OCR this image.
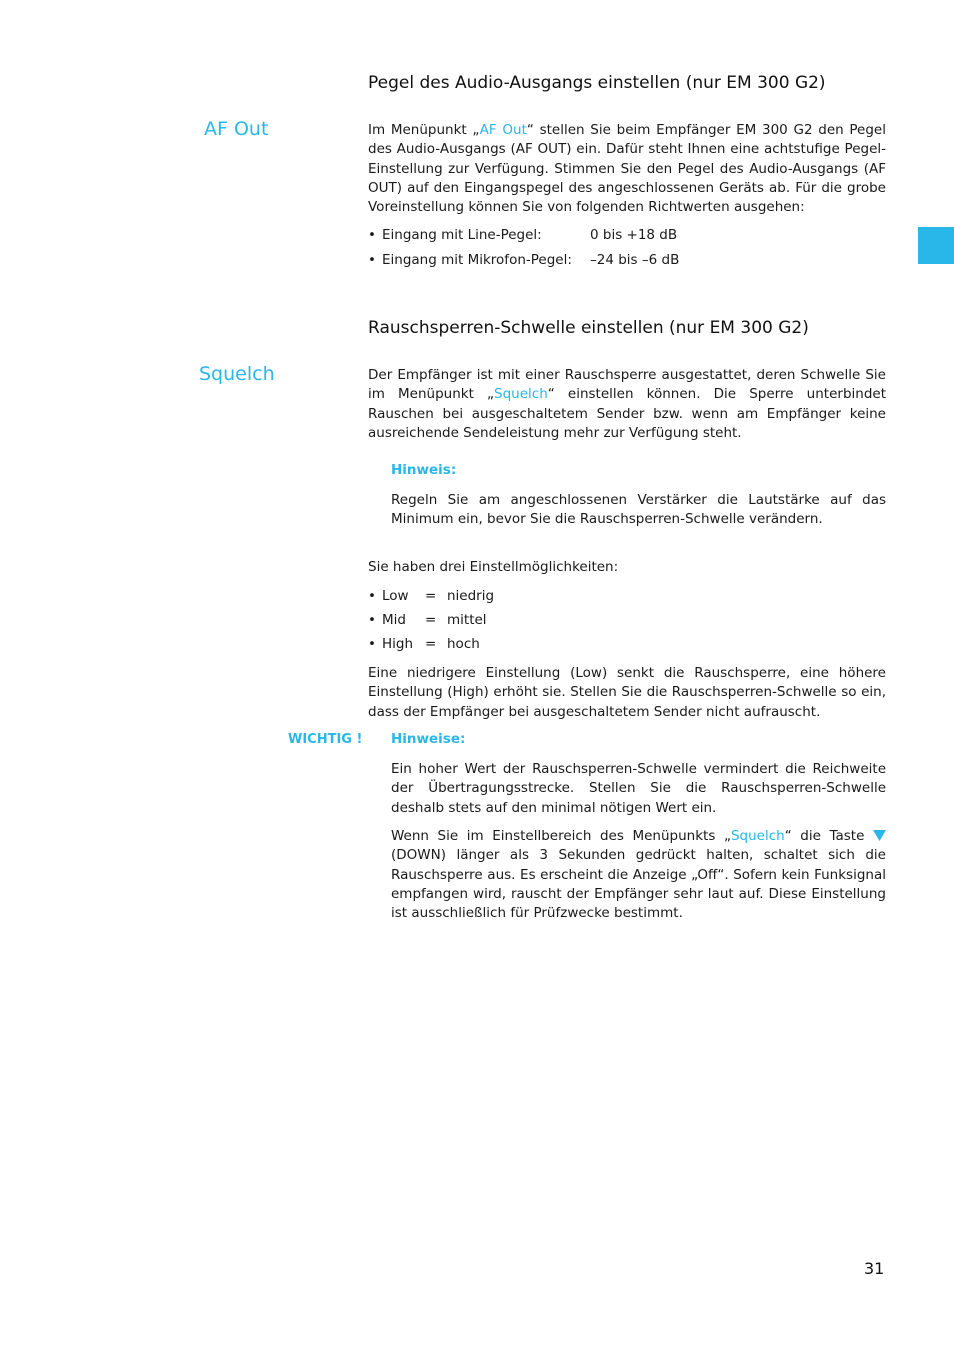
Pegel des Audio-Ausgangs einstellen (nur EM 300 G2)
AF Out	Im Menüpunkt „AF Out“ stellen Sie beim Empfänger EM 300 G2 den Pegel des Audio-Ausgangs (AF OUT) ein. Dafür steht Ihnen eine achtstufige Pegel-Einstellung zur Verfügung. Stimmen Sie den Pegel des Audio-Ausgangs (AF OUT) auf den Eingangspegel des angeschlossenen Geräts ab. Für die grobe Voreinstellung können Sie von folgenden Richtwerten ausgehen:

• Eingang mit Line-Pegel:	0 bis +18 dB
• Eingang mit Mikrofon-Pegel: –24 bis –6 dB
Rauschsperren-Schwelle einstellen (nur EM 300 G2)
Squelch	Der Empfänger ist mit einer Rauschsperre ausgestattet, deren Schwelle Sie im Menüpunkt „Squelch“ einstellen können. Die Sperre unterbindet Rauschen bei ausgeschaltetem Sender bzw. wenn am Empfänger keine ausreichende Sendeleistung mehr zur Verfügung steht.

Hinweis:

Regeln Sie am angeschlossenen Verstärker die Lautstärke auf das Minimum ein, bevor Sie die Rauschsperren-Schwelle verändern.

Sie haben drei Einstellmöglichkeiten:

• Low = niedrig
• Mid = mittel
• High = hoch

Eine niedrigere Einstellung (Low) senkt die Rauschsperre, eine höhere Einstellung (High) erhöht sie. Stellen Sie die Rauschsperren-Schwelle so ein, dass der Empfänger bei ausgeschaltetem Sender nicht aufrauscht.

WICHTIG ! Hinweise:

Ein hoher Wert der Rauschsperren-Schwelle vermindert die Reichweite der Übertragungsstrecke. Stellen Sie die Rauschsperren-Schwelle deshalb stets auf den minimal nötigen Wert ein.

Wenn Sie im Einstellbereich des Menüpunkts „Squelch“ die Taste  (DOWN) länger als 3 Sekunden gedrückt halten, schaltet sich die Rauschsperre aus. Es erscheint die Anzeige „Off“. Sofern kein Funksignal empfangen wird, rauscht der Empfänger sehr laut auf. Diese Einstellung ist ausschließlich für Prüfzwecke bestimmt.

31
